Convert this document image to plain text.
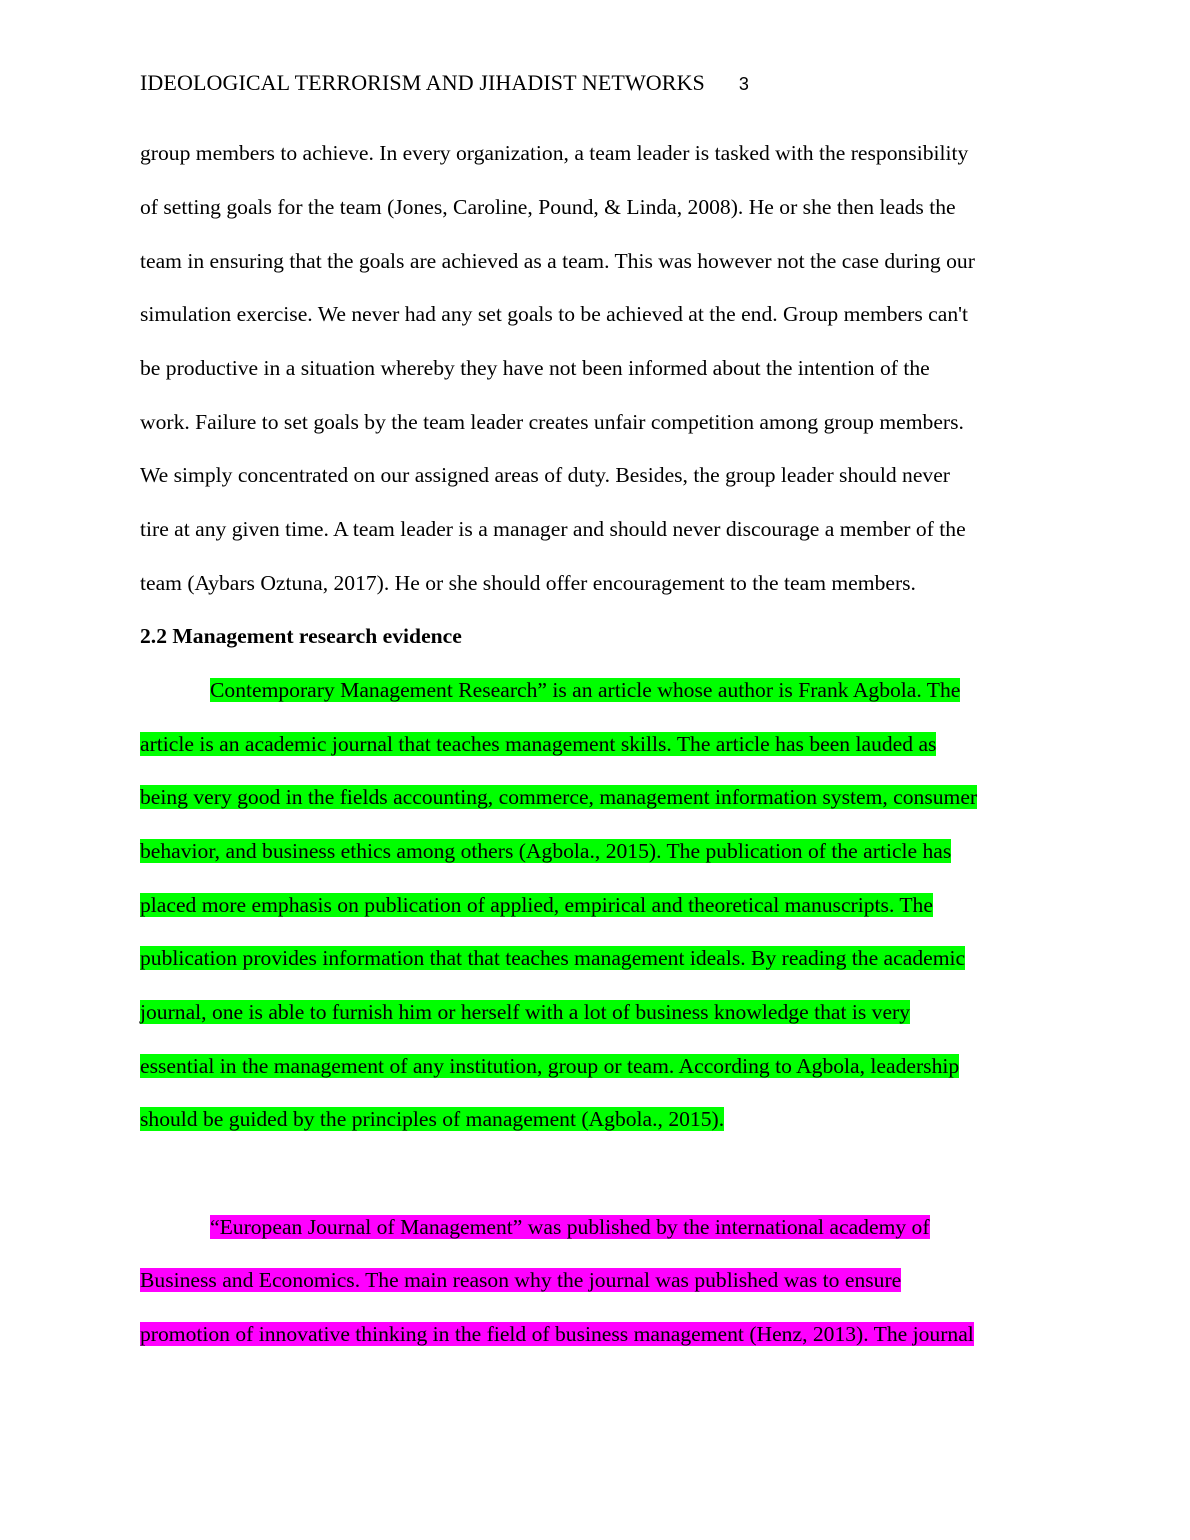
IDEOLOGICAL TERRORISM AND JIHADIST NETWORKS 3
group members to achieve. In every organization, a team leader is tasked with the responsibility
of setting goals for the team (Jones, Caroline, Pound, & Linda, 2008). He or she then leads the
team in ensuring that the goals are achieved as a team. This was however not the case during our
simulation exercise. We never had any set goals to be achieved at the end. Group members can't
be productive in a situation whereby they have not been informed about the intention of the
work. Failure to set goals by the team leader creates unfair competition among group members.
We simply concentrated on our assigned areas of duty. Besides, the group leader should never
tire at any given time. A team leader is a manager and should never discourage a member of the
team (Aybars Oztuna, 2017). He or she should offer encouragement to the team members.
2.2 Management research evidence
Contemporary Management Research” is an article whose author is Frank Agbola. The
article is an academic journal that teaches management skills. The article has been lauded as
being very good in the fields accounting, commerce, management information system, consumer
behavior, and business ethics among others (Agbola., 2015). The publication of the article has
placed more emphasis on publication of applied, empirical and theoretical manuscripts. The
publication provides information that that teaches management ideals. By reading the academic
journal, one is able to furnish him or herself with a lot of business knowledge that is very
essential in the management of any institution, group or team. According to Agbola, leadership
should be guided by the principles of management (Agbola., 2015).
“European Journal of Management” was published by the international academy of
Business and Economics. The main reason why the journal was published was to ensure
promotion of innovative thinking in the field of business management (Henz, 2013). The journal
